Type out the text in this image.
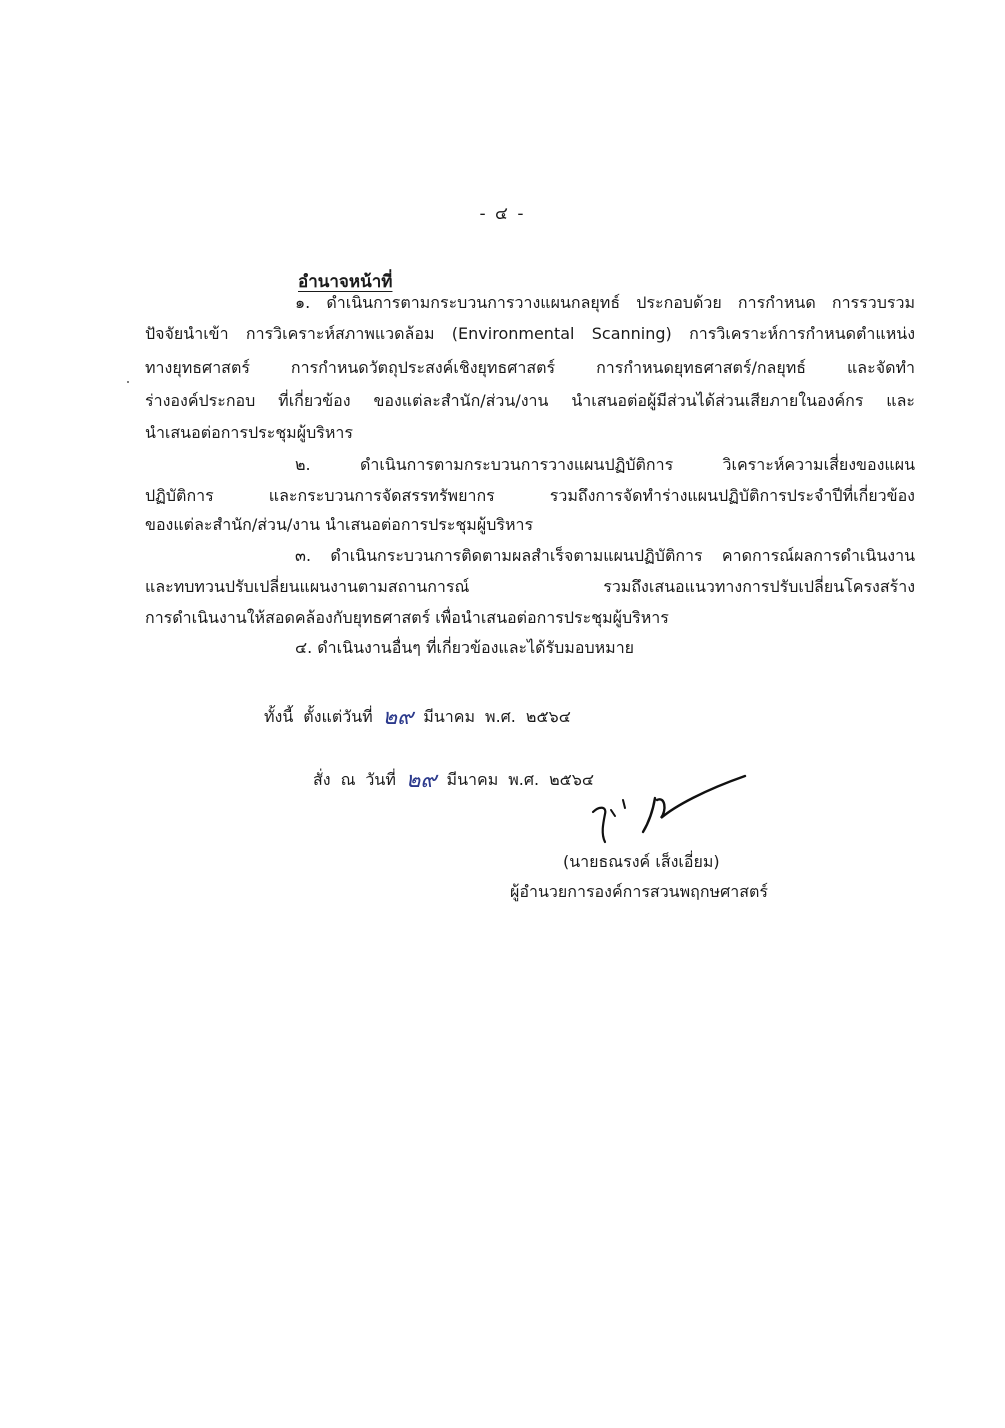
- ๔ -
อำนาจหน้าที่
๑. ดำเนินการตามกระบวนการวางแผนกลยุทธ์ ประกอบด้วย การกำหนด การรวบรวม
ปัจจัยนำเข้า การวิเคราะห์สภาพแวดล้อม (Environmental Scanning) การวิเคราะห์การกำหนดตำแหน่ง
ทางยุทธศาสตร์ การกำหนดวัตถุประสงค์เชิงยุทธศาสตร์ การกำหนดยุทธศาสตร์/กลยุทธ์ และจัดทำ
ร่างองค์ประกอบ ที่เกี่ยวข้อง ของแต่ละสำนัก/ส่วน/งาน นำเสนอต่อผู้มีส่วนได้ส่วนเสียภายในองค์กร และ
นำเสนอต่อการประชุมผู้บริหาร
๒. ดำเนินการตามกระบวนการวางแผนปฏิบัติการ วิเคราะห์ความเสี่ยงของแผน
ปฏิบัติการ และกระบวนการจัดสรรทรัพยากร รวมถึงการจัดทำร่างแผนปฏิบัติการประจำปีที่เกี่ยวข้อง
ของแต่ละสำนัก/ส่วน/งาน นำเสนอต่อการประชุมผู้บริหาร
๓. ดำเนินกระบวนการติดตามผลสำเร็จตามแผนปฏิบัติการ คาดการณ์ผลการดำเนินงาน
และทบทวนปรับเปลี่ยนแผนงานตามสถานการณ์ รวมถึงเสนอแนวทางการปรับเปลี่ยนโครงสร้าง
การดำเนินงานให้สอดคล้องกับยุทธศาสตร์ เพื่อนำเสนอต่อการประชุมผู้บริหาร
๔. ดำเนินงานอื่นๆ ที่เกี่ยวข้องและได้รับมอบหมาย
ทั้งนี้ ตั้งแต่วันที่ ๒๙ มีนาคม พ.ศ. ๒๕๖๔
สั่ง ณ วันที่ ๒๙ มีนาคม พ.ศ. ๒๕๖๔
(นายธณรงค์ เส็งเอี่ยม)
ผู้อำนวยการองค์การสวนพฤกษศาสตร์
